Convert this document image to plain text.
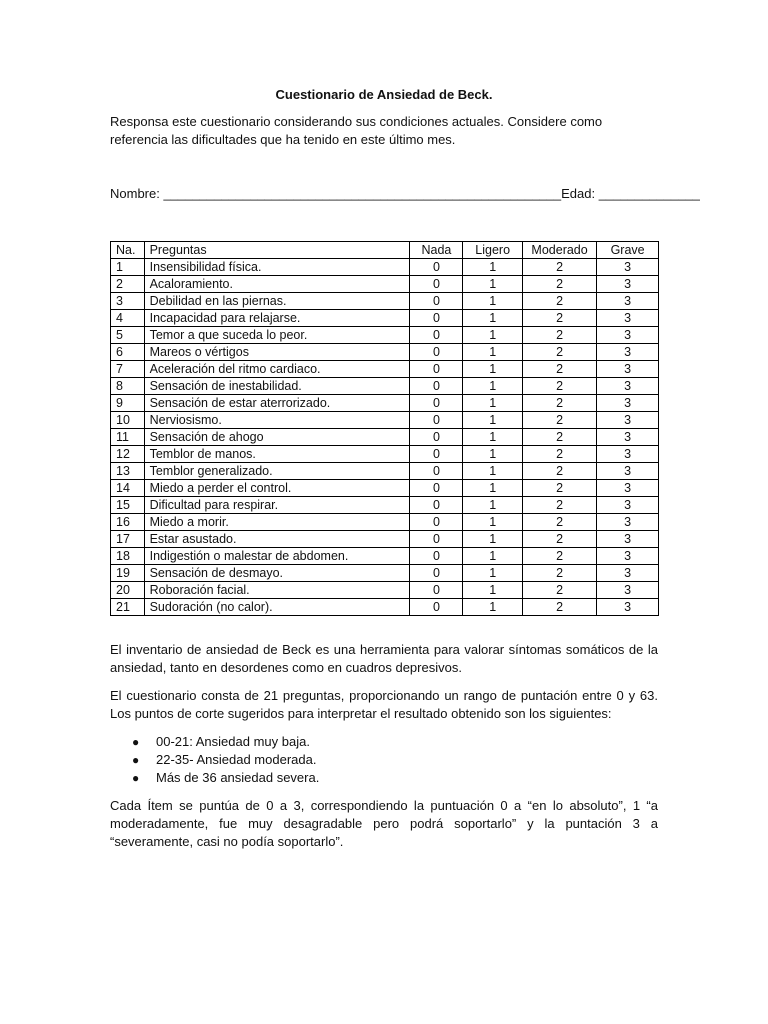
Cuestionario de Ansiedad de Beck.
Responsa este cuestionario considerando sus condiciones actuales. Considere como referencia las dificultades que ha tenido en este último mes.
Nombre: _______________________________________________________Edad: ______________
Na.	Preguntas	Nada	Ligero	Moderado	Grave
1	Insensibilidad física.	0	1	2	3
2	Acaloramiento.	0	1	2	3
3	Debilidad en las piernas.	0	1	2	3
4	Incapacidad para relajarse.	0	1	2	3
5	Temor a que suceda lo peor.	0	1	2	3
6	Mareos o vértigos	0	1	2	3
7	Aceleración del ritmo cardiaco.	0	1	2	3
8	Sensación de inestabilidad.	0	1	2	3
9	Sensación de estar aterrorizado.	0	1	2	3
10	Nerviosismo.	0	1	2	3
11	Sensación de ahogo	0	1	2	3
12	Temblor de manos.	0	1	2	3
13	Temblor generalizado.	0	1	2	3
14	Miedo a perder el control.	0	1	2	3
15	Dificultad para respirar.	0	1	2	3
16	Miedo a morir.	0	1	2	3
17	Estar asustado.	0	1	2	3
18	Indigestión o malestar de abdomen.	0	1	2	3
19	Sensación de desmayo.	0	1	2	3
20	Roboración facial.	0	1	2	3
21	Sudoración (no calor).	0	1	2	3

El inventario de ansiedad de Beck es una herramienta para valorar síntomas somáticos de la ansiedad, tanto en desordenes como en cuadros depresivos.

El cuestionario consta de 21 preguntas, proporcionando un rango de puntación entre 0 y 63. Los puntos de corte sugeridos para interpretar el resultado obtenido son los siguientes:

● 00-21: Ansiedad muy baja.
● 22-35- Ansiedad moderada.
● Más de 36 ansiedad severa.

Cada Ítem se puntúa de 0 a 3, correspondiendo la puntuación 0 a “en lo absoluto”, 1 “a moderadamente, fue muy desagradable pero podrá soportarlo” y la puntación 3 a “severamente, casi no podía soportarlo”.
